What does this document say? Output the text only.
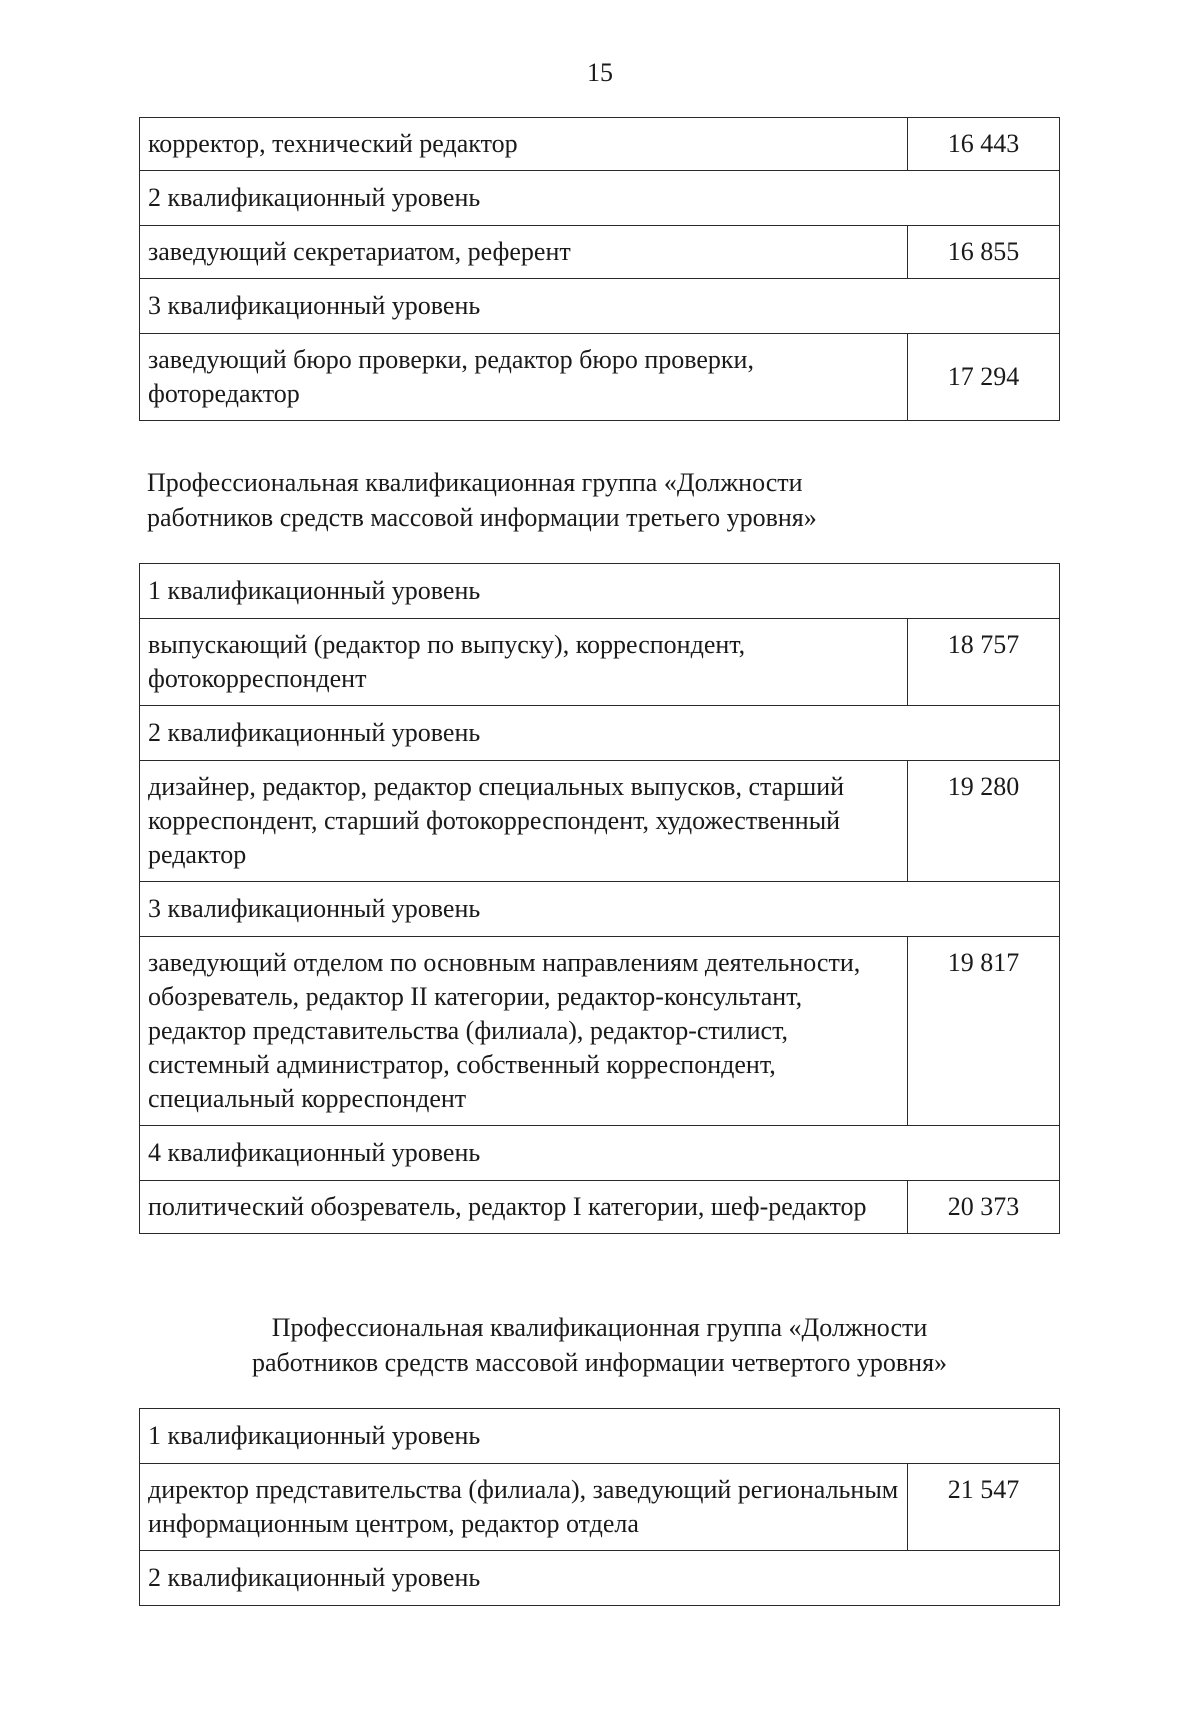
15
корректор, технический редактор	16 443
2 квалификационный уровень	
заведующий секретариатом, референт	16 855
3 квалификационный уровень	
заведующий бюро проверки, редактор бюро проверки, фоторедактор	17 294
Профессиональная квалификационная группа «Должности
работников средств массовой информации третьего уровня»
1 квалификационный уровень	
выпускающий (редактор по выпуску), корреспондент, фотокорреспондент	18 757
2 квалификационный уровень	
дизайнер, редактор, редактор специальных выпусков, старший корреспондент, старший фотокорреспондент, художественный редактор	19 280
3 квалификационный уровень	
заведующий отделом по основным направлениям деятельности, обозреватель, редактор II категории, редактор-консультант, редактор представительства (филиала), редактор-стилист, системный администратор, собственный корреспондент, специальный корреспондент	19 817
4 квалификационный уровень	
политический обозреватель, редактор I категории, шеф-редактор	20 373
Профессиональная квалификационная группа «Должности
работников средств массовой информации четвертого уровня»
1 квалификационный уровень
директор представительства (филиала), заведующий региональным информационным центром, редактор отдела	21 547
2 квалификационный уровень
